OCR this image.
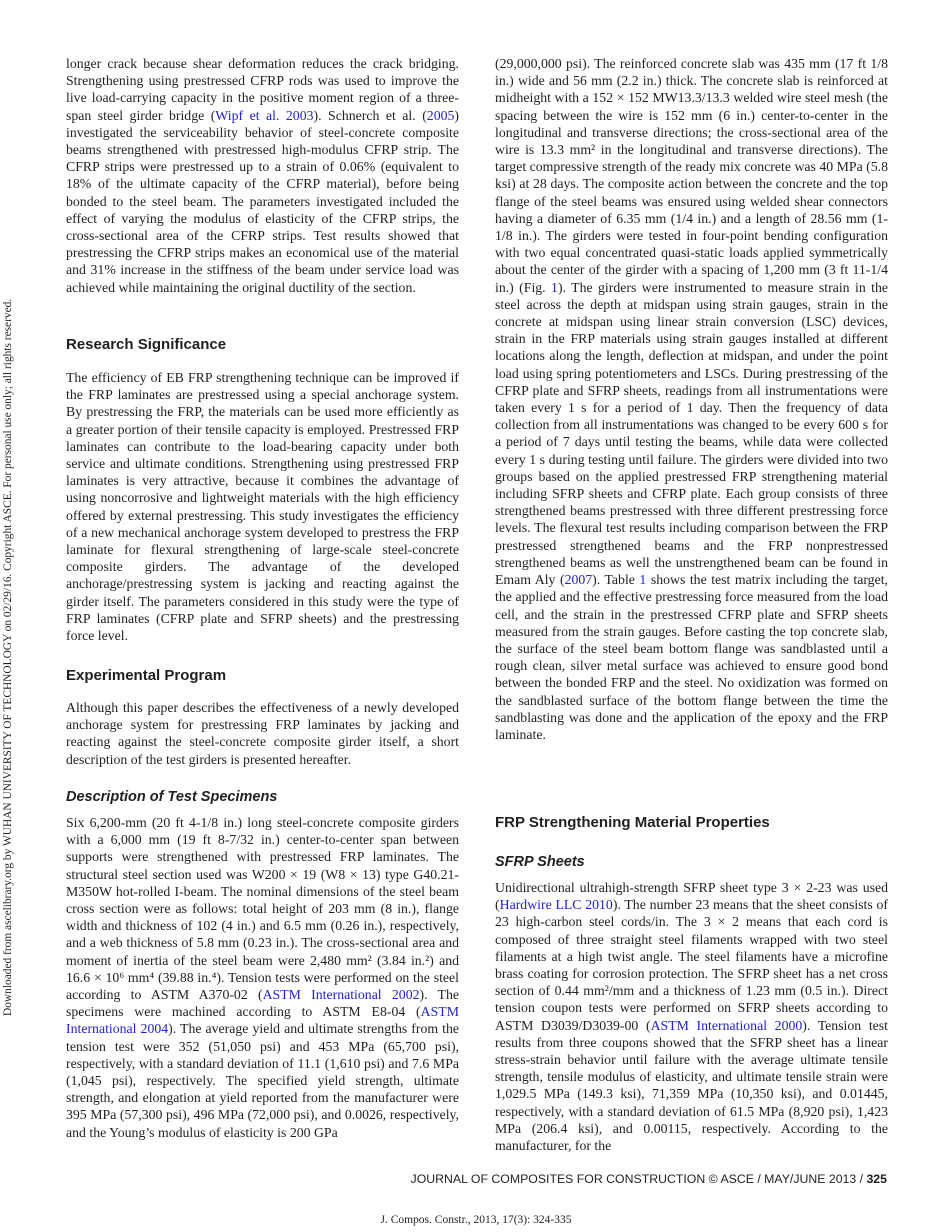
Downloaded from ascelibrary.org by WUHAN UNIVERSITY OF TECHNOLOGY on 02/29/16. Copyright ASCE. For personal use only; all rights reserved.

longer crack because shear deformation reduces the crack bridging. Strengthening using prestressed CFRP rods was used to improve the live load-carrying capacity in the positive moment region of a three-span steel girder bridge (Wipf et al. 2003). Schnerch et al. (2005) investigated the serviceability behavior of steel-concrete composite beams strengthened with prestressed high-modulus CFRP strip. The CFRP strips were prestressed up to a strain of 0.06% (equivalent to 18% of the ultimate capacity of the CFRP material), before being bonded to the steel beam. The parameters investigated included the effect of varying the modulus of elasticity of the CFRP strips, the cross-sectional area of the CFRP strips. Test results showed that prestressing the CFRP strips makes an economical use of the material and 31% increase in the stiffness of the beam under service load was achieved while maintaining the original ductility of the section.

Research Significance

The efficiency of EB FRP strengthening technique can be improved if the FRP laminates are prestressed using a special anchorage system. By prestressing the FRP, the materials can be used more efficiently as a greater portion of their tensile capacity is employed. Prestressed FRP laminates can contribute to the load-bearing capacity under both service and ultimate conditions. Strengthening using prestressed FRP laminates is very attractive, because it combines the advantage of using noncorrosive and lightweight materials with the high efficiency offered by external prestressing. This study investigates the efficiency of a new mechanical anchorage system developed to prestress the FRP laminate for flexural strengthening of large-scale steel-concrete composite girders. The advantage of the developed anchorage/prestressing system is jacking and reacting against the girder itself. The parameters considered in this study were the type of FRP laminates (CFRP plate and SFRP sheets) and the prestressing force level.

Experimental Program

Although this paper describes the effectiveness of a newly developed anchorage system for prestressing FRP laminates by jacking and reacting against the steel-concrete composite girder itself, a short description of the test girders is presented hereafter.

Description of Test Specimens

Six 6,200-mm (20 ft 4-1/8 in.) long steel-concrete composite girders with a 6,000 mm (19 ft 8-7/32 in.) center-to-center span between supports were strengthened with prestressed FRP laminates. The structural steel section used was W200 × 19 (W8 × 13) type G40.21-M350W hot-rolled I-beam. The nominal dimensions of the steel beam cross section were as follows: total height of 203 mm (8 in.), flange width and thickness of 102 (4 in.) and 6.5 mm (0.26 in.), respectively, and a web thickness of 5.8 mm (0.23 in.). The cross-sectional area and moment of inertia of the steel beam were 2,480 mm² (3.84 in.²) and 16.6 × 10⁶ mm⁴ (39.88 in.⁴). Tension tests were performed on the steel according to ASTM A370-02 (ASTM International 2002). The specimens were machined according to ASTM E8-04 (ASTM International 2004). The average yield and ultimate strengths from the tension test were 352 (51,050 psi) and 453 MPa (65,700 psi), respectively, with a standard deviation of 11.1 (1,610 psi) and 7.6 MPa (1,045 psi), respectively. The specified yield strength, ultimate strength, and elongation at yield reported from the manufacturer were 395 MPa (57,300 psi), 496 MPa (72,000 psi), and 0.0026, respectively, and the Young’s modulus of elasticity is 200 GPa

(29,000,000 psi). The reinforced concrete slab was 435 mm (17 ft 1/8 in.) wide and 56 mm (2.2 in.) thick. The concrete slab is reinforced at midheight with a 152 × 152 MW13.3/13.3 welded wire steel mesh (the spacing between the wire is 152 mm (6 in.) center-to-center in the longitudinal and transverse directions; the cross-sectional area of the wire is 13.3 mm² in the longitudinal and transverse directions). The target compressive strength of the ready mix concrete was 40 MPa (5.8 ksi) at 28 days. The composite action between the concrete and the top flange of the steel beams was ensured using welded shear connectors having a diameter of 6.35 mm (1/4 in.) and a length of 28.56 mm (1-1/8 in.). The girders were tested in four-point bending configuration with two equal concentrated quasi-static loads applied symmetrically about the center of the girder with a spacing of 1,200 mm (3 ft 11-1/4 in.) (Fig. 1). The girders were instrumented to measure strain in the steel across the depth at midspan using strain gauges, strain in the concrete at midspan using linear strain conversion (LSC) devices, strain in the FRP materials using strain gauges installed at different locations along the length, deflection at midspan, and under the point load using spring potentiometers and LSCs. During prestressing of the CFRP plate and SFRP sheets, readings from all instrumentations were taken every 1 s for a period of 1 day. Then the frequency of data collection from all instrumentations was changed to be every 600 s for a period of 7 days until testing the beams, while data were collected every 1 s during testing until failure. The girders were divided into two groups based on the applied prestressed FRP strengthening material including SFRP sheets and CFRP plate. Each group consists of three strengthened beams prestressed with three different prestressing force levels. The flexural test results including comparison between the FRP prestressed strengthened beams and the FRP nonprestressed strengthened beams as well the unstrengthened beam can be found in Emam Aly (2007). Table 1 shows the test matrix including the target, the applied and the effective prestressing force measured from the load cell, and the strain in the prestressed CFRP plate and SFRP sheets measured from the strain gauges. Before casting the top concrete slab, the surface of the steel beam bottom flange was sandblasted until a rough clean, silver metal surface was achieved to ensure good bond between the bonded FRP and the steel. No oxidization was formed on the sandblasted surface of the bottom flange between the time the sandblasting was done and the application of the epoxy and the FRP laminate.

FRP Strengthening Material Properties
SFRP Sheets

Unidirectional ultrahigh-strength SFRP sheet type 3 × 2-23 was used (Hardwire LLC 2010). The number 23 means that the sheet consists of 23 high-carbon steel cords/in. The 3 × 2 means that each cord is composed of three straight steel filaments wrapped with two steel filaments at a high twist angle. The steel filaments have a microfine brass coating for corrosion protection. The SFRP sheet has a net cross section of 0.44 mm²/mm and a thickness of 1.23 mm (0.5 in.). Direct tension coupon tests were performed on SFRP sheets according to ASTM D3039/D3039-00 (ASTM International 2000). Tension test results from three coupons showed that the SFRP sheet has a linear stress-strain behavior until failure with the average ultimate tensile strength, tensile modulus of elasticity, and ultimate tensile strain were 1,029.5 MPa (149.3 ksi), 71,359 MPa (10,350 ksi), and 0.01445, respectively, with a standard deviation of 61.5 MPa (8,920 psi), 1,423 MPa (206.4 ksi), and 0.00115, respectively. According to the manufacturer, for the

JOURNAL OF COMPOSITES FOR CONSTRUCTION © ASCE / MAY/JUNE 2013 / 325
J. Compos. Constr., 2013, 17(3): 324-335
